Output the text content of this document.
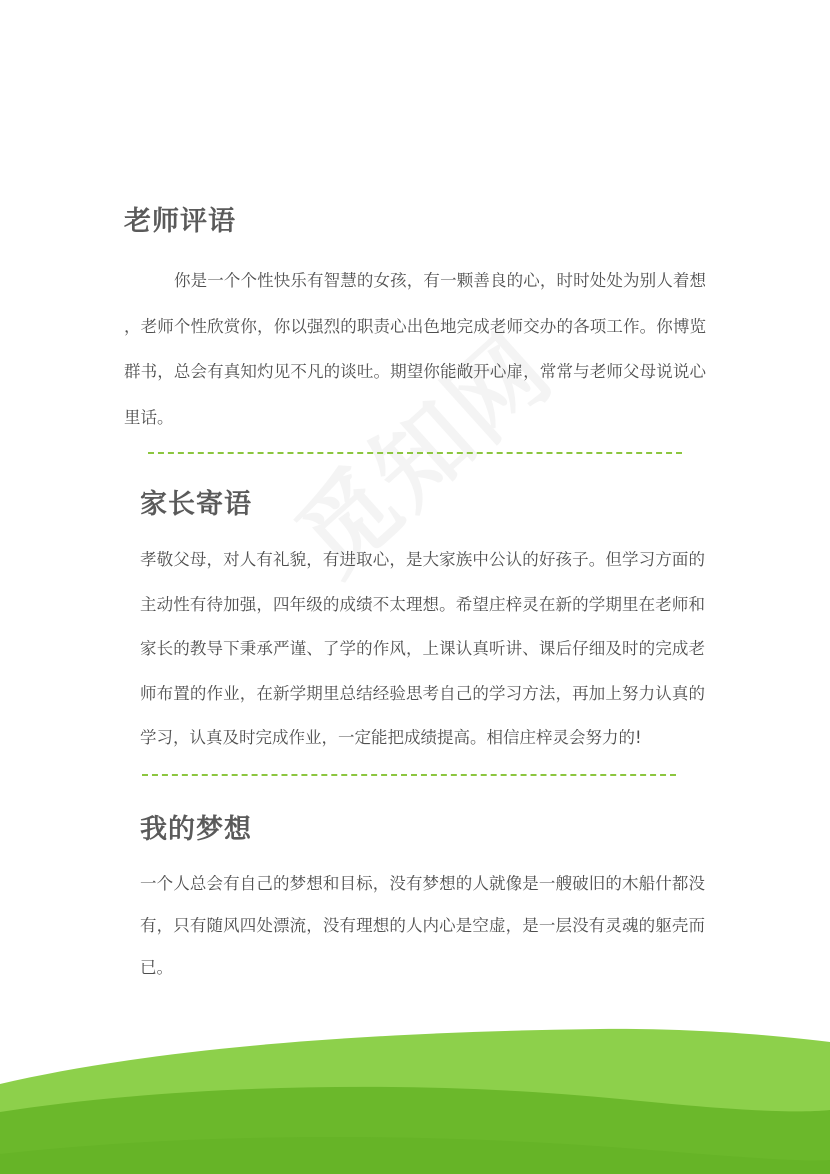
老师评语

你是一个个性快乐有智慧的女孩，有一颗善良的心，时时处处为别人着想，老师个性欣赏你，你以强烈的职责心出色地完成老师交办的各项工作。你博览群书，总会有真知灼见不凡的谈吐。期望你能敞开心扉，常常与老师父母说说心里话。

家长寄语

孝敬父母，对人有礼貌，有进取心，是大家族中公认的好孩子。但学习方面的主动性有待加强，四年级的成绩不太理想。希望庄梓灵在新的学期里在老师和家长的教导下秉承严谨、了学的作风，上课认真听讲、课后仔细及时的完成老师布置的作业，在新学期里总结经验思考自己的学习方法，再加上努力认真的学习，认真及时完成作业，一定能把成绩提高。相信庄梓灵会努力的!

我的梦想

一个人总会有自己的梦想和目标，没有梦想的人就像是一艘破旧的木船什都没有，只有随风四处漂流，没有理想的人内心是空虚，是一层没有灵魂的躯壳而已。
